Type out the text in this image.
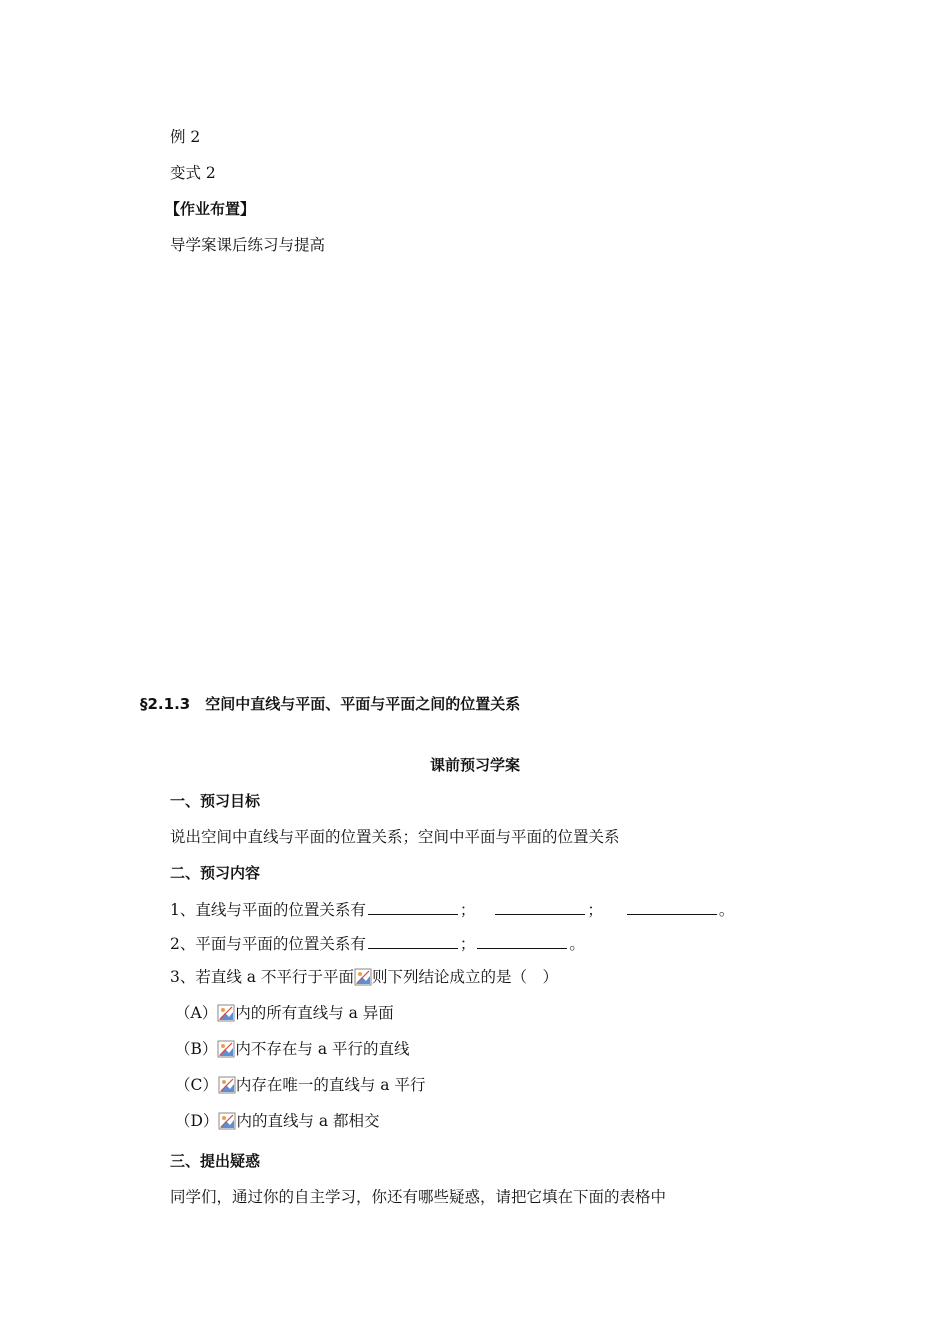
例 2
变式 2
【作业布置】
导学案课后练习与提高
§2.1.3　空间中直线与平面、平面与平面之间的位置关系
课前预习学案
一、预习目标
说出空间中直线与平面的位置关系；空间中平面与平面的位置关系
二、预习内容
1、直线与平面的位置关系有	；	；	。
2、平面与平面的位置关系有	；	。
3、若直线 a 不平行于平面 则下列结论成立的是（　）
（A） 内的所有直线与 a 异面
（B） 内不存在与 a 平行的直线
（C） 内存在唯一的直线与 a 平行
（D） 内的直线与 a 都相交
三、提出疑惑
同学们，通过你的自主学习，你还有哪些疑惑，请把它填在下面的表格中
